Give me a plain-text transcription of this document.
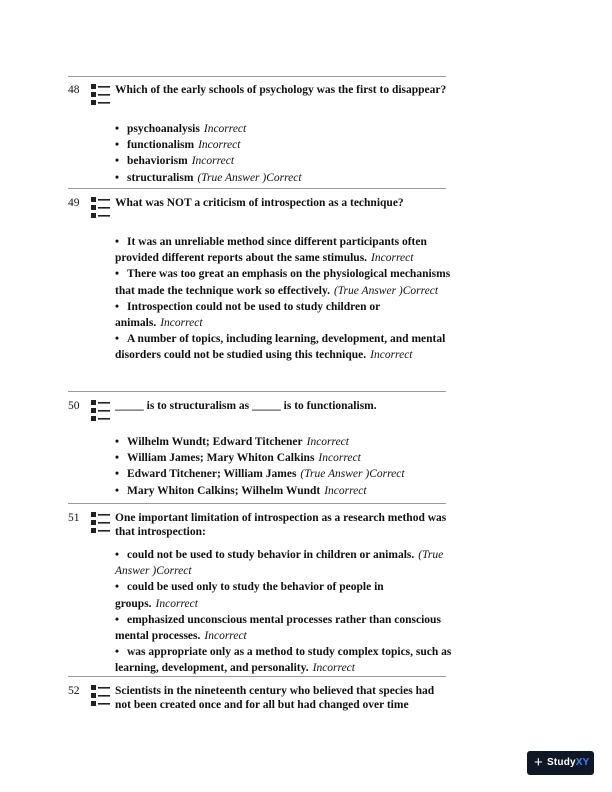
48	Which of the early schools of psychology was the first to disappear?
• psychoanalysis Incorrect
• functionalism Incorrect
• behaviorism Incorrect
• structuralism (True Answer )Correct
49	What was NOT a criticism of introspection as a technique?
• It was an unreliable method since different participants often provided different reports about the same stimulus. Incorrect
• There was too great an emphasis on the physiological mechanisms that made the technique work so effectively. (True Answer )Correct
• Introspection could not be used to study children or animals. Incorrect
• A number of topics, including learning, development, and mental disorders could not be studied using this technique. Incorrect
50	_____ is to structuralism as _____ is to functionalism.
• Wilhelm Wundt; Edward Titchener Incorrect
• William James; Mary Whiton Calkins Incorrect
• Edward Titchener; William James (True Answer )Correct
• Mary Whiton Calkins; Wilhelm Wundt Incorrect
51	One important limitation of introspection as a research method was that introspection:
• could not be used to study behavior in children or animals. (True Answer )Correct
• could be used only to study the behavior of people in groups. Incorrect
• emphasized unconscious mental processes rather than conscious mental processes. Incorrect
• was appropriate only as a method to study complex topics, such as learning, development, and personality. Incorrect
52	Scientists in the nineteenth century who believed that species had not been created once and for all but had changed over time
+ StudyXY
